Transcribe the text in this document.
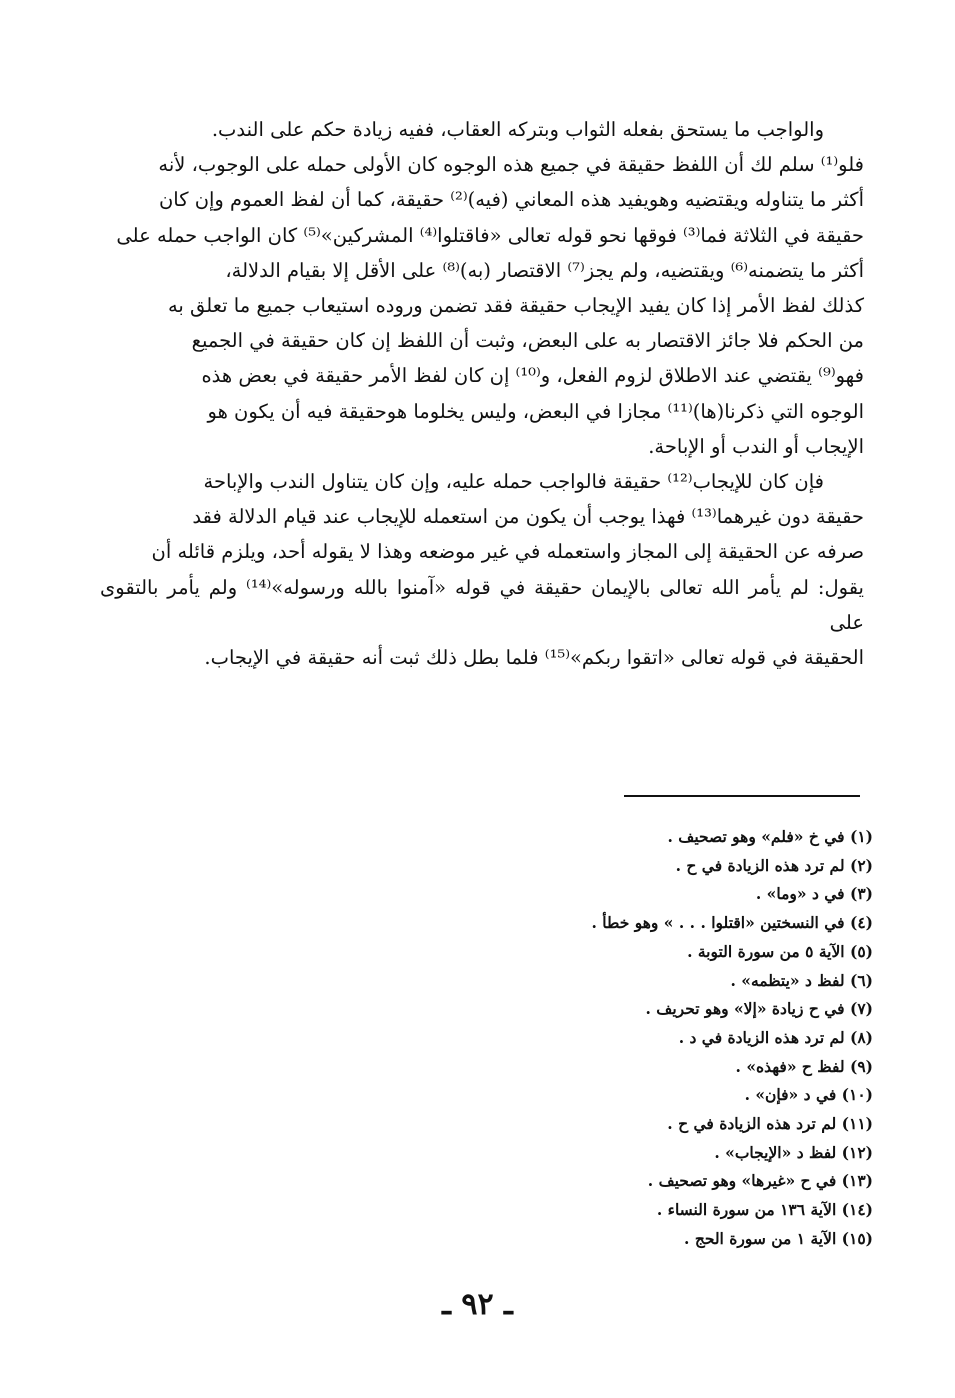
والواجب ما يستحق بفعله الثواب وبتركه العقاب، ففيه زيادة حكم على الندب.
فلو⁽¹⁾ سلم لك أن اللفظ حقيقة في جميع هذه الوجوه كان الأولى حمله على الوجوب، لأنه
أكثر ما يتناوله ويقتضيه وهويفيد هذه المعاني (فيه)⁽²⁾ حقيقة، كما أن لفظ العموم وإن كان
حقيقة في الثلاثة فما⁽³⁾ فوقها نحو قوله تعالى «فاقتلوا⁽⁴⁾ المشركين»⁽⁵⁾ كان الواجب حمله على
أكثر ما يتضمنه⁽⁶⁾ ويقتضيه، ولم يجز⁽⁷⁾ الاقتصار (به)⁽⁸⁾ على الأقل إلا بقيام الدلالة،
كذلك لفظ الأمر إذا كان يفيد الإيجاب حقيقة فقد تضمن وروده استيعاب جميع ما تعلق به
من الحكم فلا جائز الاقتصار به على البعض، وثبت أن اللفظ إن كان حقيقة في الجميع
فهو⁽⁹⁾ يقتضي عند الاطلاق لزوم الفعل، و⁽¹⁰⁾ إن كان لفظ الأمر حقيقة في بعض هذه
الوجوه التي ذكرنا(ها)⁽¹¹⁾ مجازا في البعض، وليس يخلوما هوحقيقة فيه أن يكون هو
الإيجاب أو الندب أو الإباحة.

فإن كان للإيجاب⁽¹²⁾ حقيقة فالواجب حمله عليه، وإن كان يتناول الندب والإباحة
حقيقة دون غيرهما⁽¹³⁾ فهذا يوجب أن يكون من استعمله للإيجاب عند قيام الدلالة فقد
صرفه عن الحقيقة إلى المجاز واستعمله في غير موضعه وهذا لا يقوله أحد، ويلزم قائله أن
يقول: لم يأمر الله تعالى بالإيمان حقيقة في قوله «آمنوا بالله ورسوله»⁽¹⁴⁾ ولم يأمر بالتقوى على
الحقيقة في قوله تعالى «اتقوا ربكم»⁽¹⁵⁾ فلما بطل ذلك ثبت أنه حقيقة في الإيجاب.

(١) في خ «فلم» وهو تصحيف .
(٢) لم ترد هذه الزيادة في ح .
(٣) في د «وما» .
(٤) في النسختين «اقتلوا . . . » وهو خطأ .
(٥) الآية ٥ من سورة التوبة .
(٦) لفظ د «يتظمه» .
(٧) في ح زيادة «إلا» وهو تحريف .
(٨) لم ترد هذه الزيادة في د .
(٩) لفظ ح «فهذه» .
(١٠) في د «فإن» .
(١١) لم ترد هذه الزيادة في ح .
(١٢) لفظ د «الإيجاب» .
(١٣) في ح «غيرها» وهو تصحيف .
(١٤) الآية ١٣٦ من سورة النساء .
(١٥) الآية ١ من سورة الحج .
ـ ٩٢ ـ
